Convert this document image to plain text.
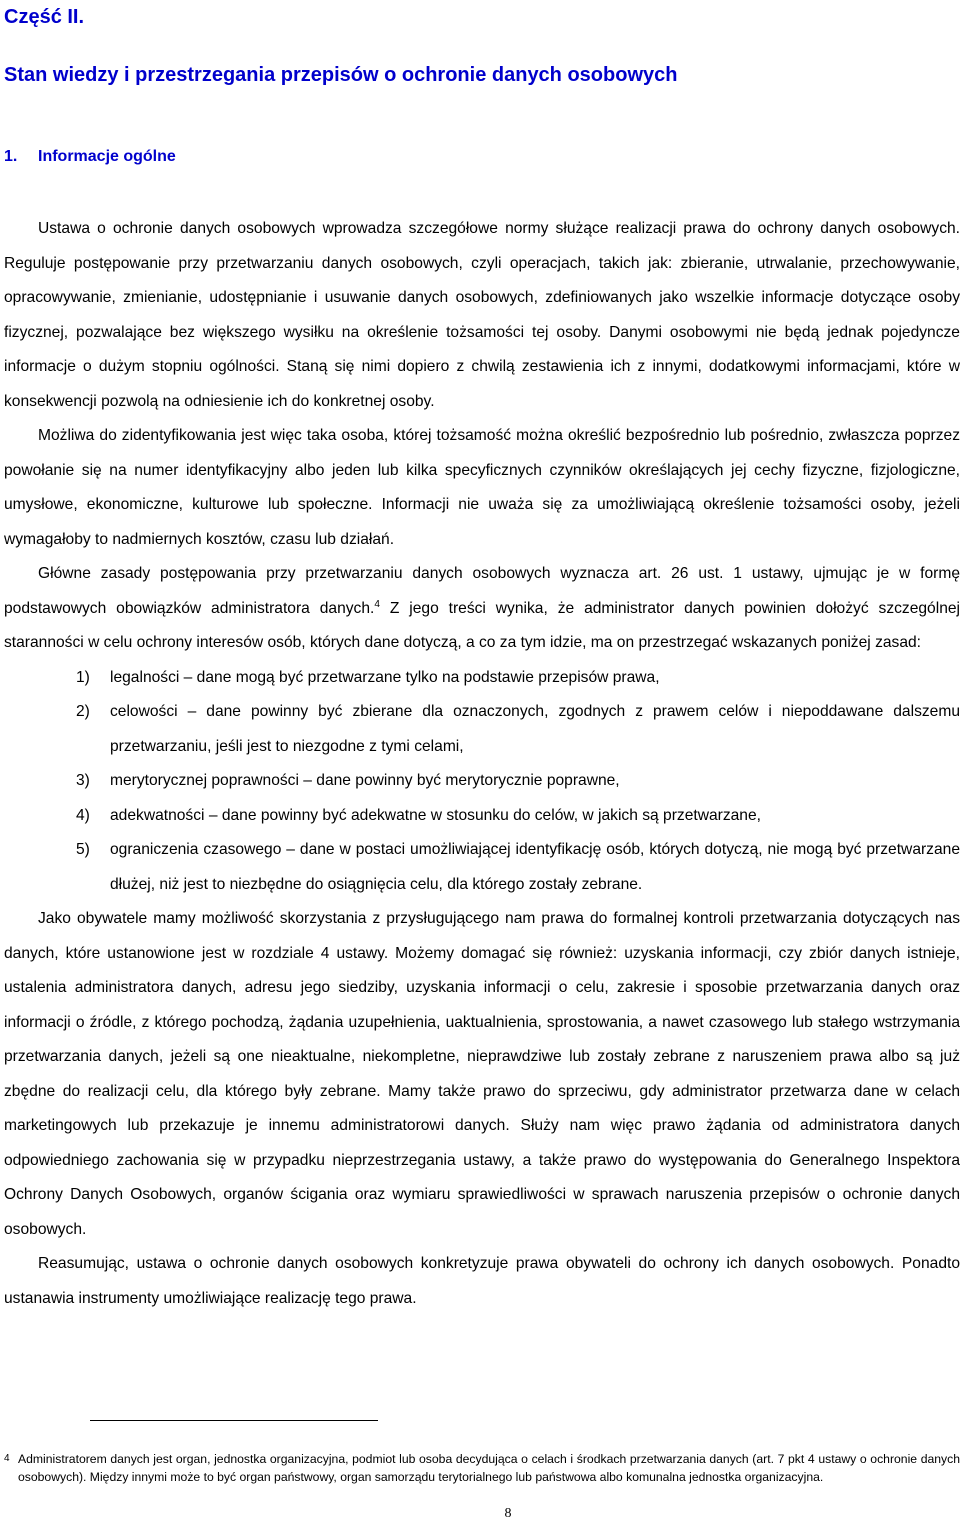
Część II.
Stan wiedzy i przestrzegania przepisów o ochronie danych osobowych
1. Informacje ogólne

Ustawa o ochronie danych osobowych wprowadza szczegółowe normy służące realizacji prawa do ochrony danych osobowych. Reguluje postępowanie przy przetwarzaniu danych osobowych, czyli operacjach, takich jak: zbieranie, utrwalanie, przechowywanie, opracowywanie, zmienianie, udostępnianie i usuwanie danych osobowych, zdefiniowanych jako wszelkie informacje dotyczące osoby fizycznej, pozwalające bez większego wysiłku na określenie tożsamości tej osoby. Danymi osobowymi nie będą jednak pojedyncze informacje o dużym stopniu ogólności. Staną się nimi dopiero z chwilą zestawienia ich z innymi, dodatkowymi informacjami, które w konsekwencji pozwolą na odniesienie ich do konkretnej osoby.

Możliwa do zidentyfikowania jest więc taka osoba, której tożsamość można określić bezpośrednio lub pośrednio, zwłaszcza poprzez powołanie się na numer identyfikacyjny albo jeden lub kilka specyficznych czynników określających jej cechy fizyczne, fizjologiczne, umysłowe, ekonomiczne, kulturowe lub społeczne. Informacji nie uważa się za umożliwiającą określenie tożsamości osoby, jeżeli wymagałoby to nadmiernych kosztów, czasu lub działań.

Główne zasady postępowania przy przetwarzaniu danych osobowych wyznacza art. 26 ust. 1 ustawy, ujmując je w formę podstawowych obowiązków administratora danych.$^4$ Z jego treści wynika, że administrator danych powinien dołożyć szczególnej staranności w celu ochrony interesów osób, których dane dotyczą, a co za tym idzie, ma on przestrzegać wskazanych poniżej zasad:

1) legalności – dane mogą być przetwarzane tylko na podstawie przepisów prawa,
2) celowości – dane powinny być zbierane dla oznaczonych, zgodnych z prawem celów i niepoddawane dalszemu przetwarzaniu, jeśli jest to niezgodne z tymi celami,
3) merytorycznej poprawności – dane powinny być merytorycznie poprawne,
4) adekwatności – dane powinny być adekwatne w stosunku do celów, w jakich są przetwarzane,
5) ograniczenia czasowego – dane w postaci umożliwiającej identyfikację osób, których dotyczą, nie mogą być przetwarzane dłużej, niż jest to niezbędne do osiągnięcia celu, dla którego zostały zebrane.

Jako obywatele mamy możliwość skorzystania z przysługującego nam prawa do formalnej kontroli przetwarzania dotyczących nas danych, które ustanowione jest w rozdziale 4 ustawy. Możemy domagać się również: uzyskania informacji, czy zbiór danych istnieje, ustalenia administratora danych, adresu jego siedziby, uzyskania informacji o celu, zakresie i sposobie przetwarzania danych oraz informacji o źródle, z którego pochodzą, żądania uzupełnienia, uaktualnienia, sprostowania, a nawet czasowego lub stałego wstrzymania przetwarzania danych, jeżeli są one nieaktualne, niekompletne, nieprawdziwe lub zostały zebrane z naruszeniem prawa albo są już zbędne do realizacji celu, dla którego były zebrane. Mamy także prawo do sprzeciwu, gdy administrator przetwarza dane w celach marketingowych lub przekazuje je innemu administratorowi danych. Służy nam więc prawo żądania od administratora danych odpowiedniego zachowania się w przypadku nieprzestrzegania ustawy, a także prawo do występowania do Generalnego Inspektora Ochrony Danych Osobowych, organów ścigania oraz wymiaru sprawiedliwości w sprawach naruszenia przepisów o ochronie danych osobowych.

Reasumując, ustawa o ochronie danych osobowych konkretyzuje prawa obywateli do ochrony ich danych osobowych. Ponadto ustanawia instrumenty umożliwiające realizację tego prawa.

4 Administratorem danych jest organ, jednostka organizacyjna, podmiot lub osoba decydująca o celach i środkach przetwarzania danych (art. 7 pkt 4 ustawy o ochronie danych osobowych). Między innymi może to być organ państwowy, organ samorządu terytorialnego lub państwowa albo komunalna jednostka organizacyjna.

8
